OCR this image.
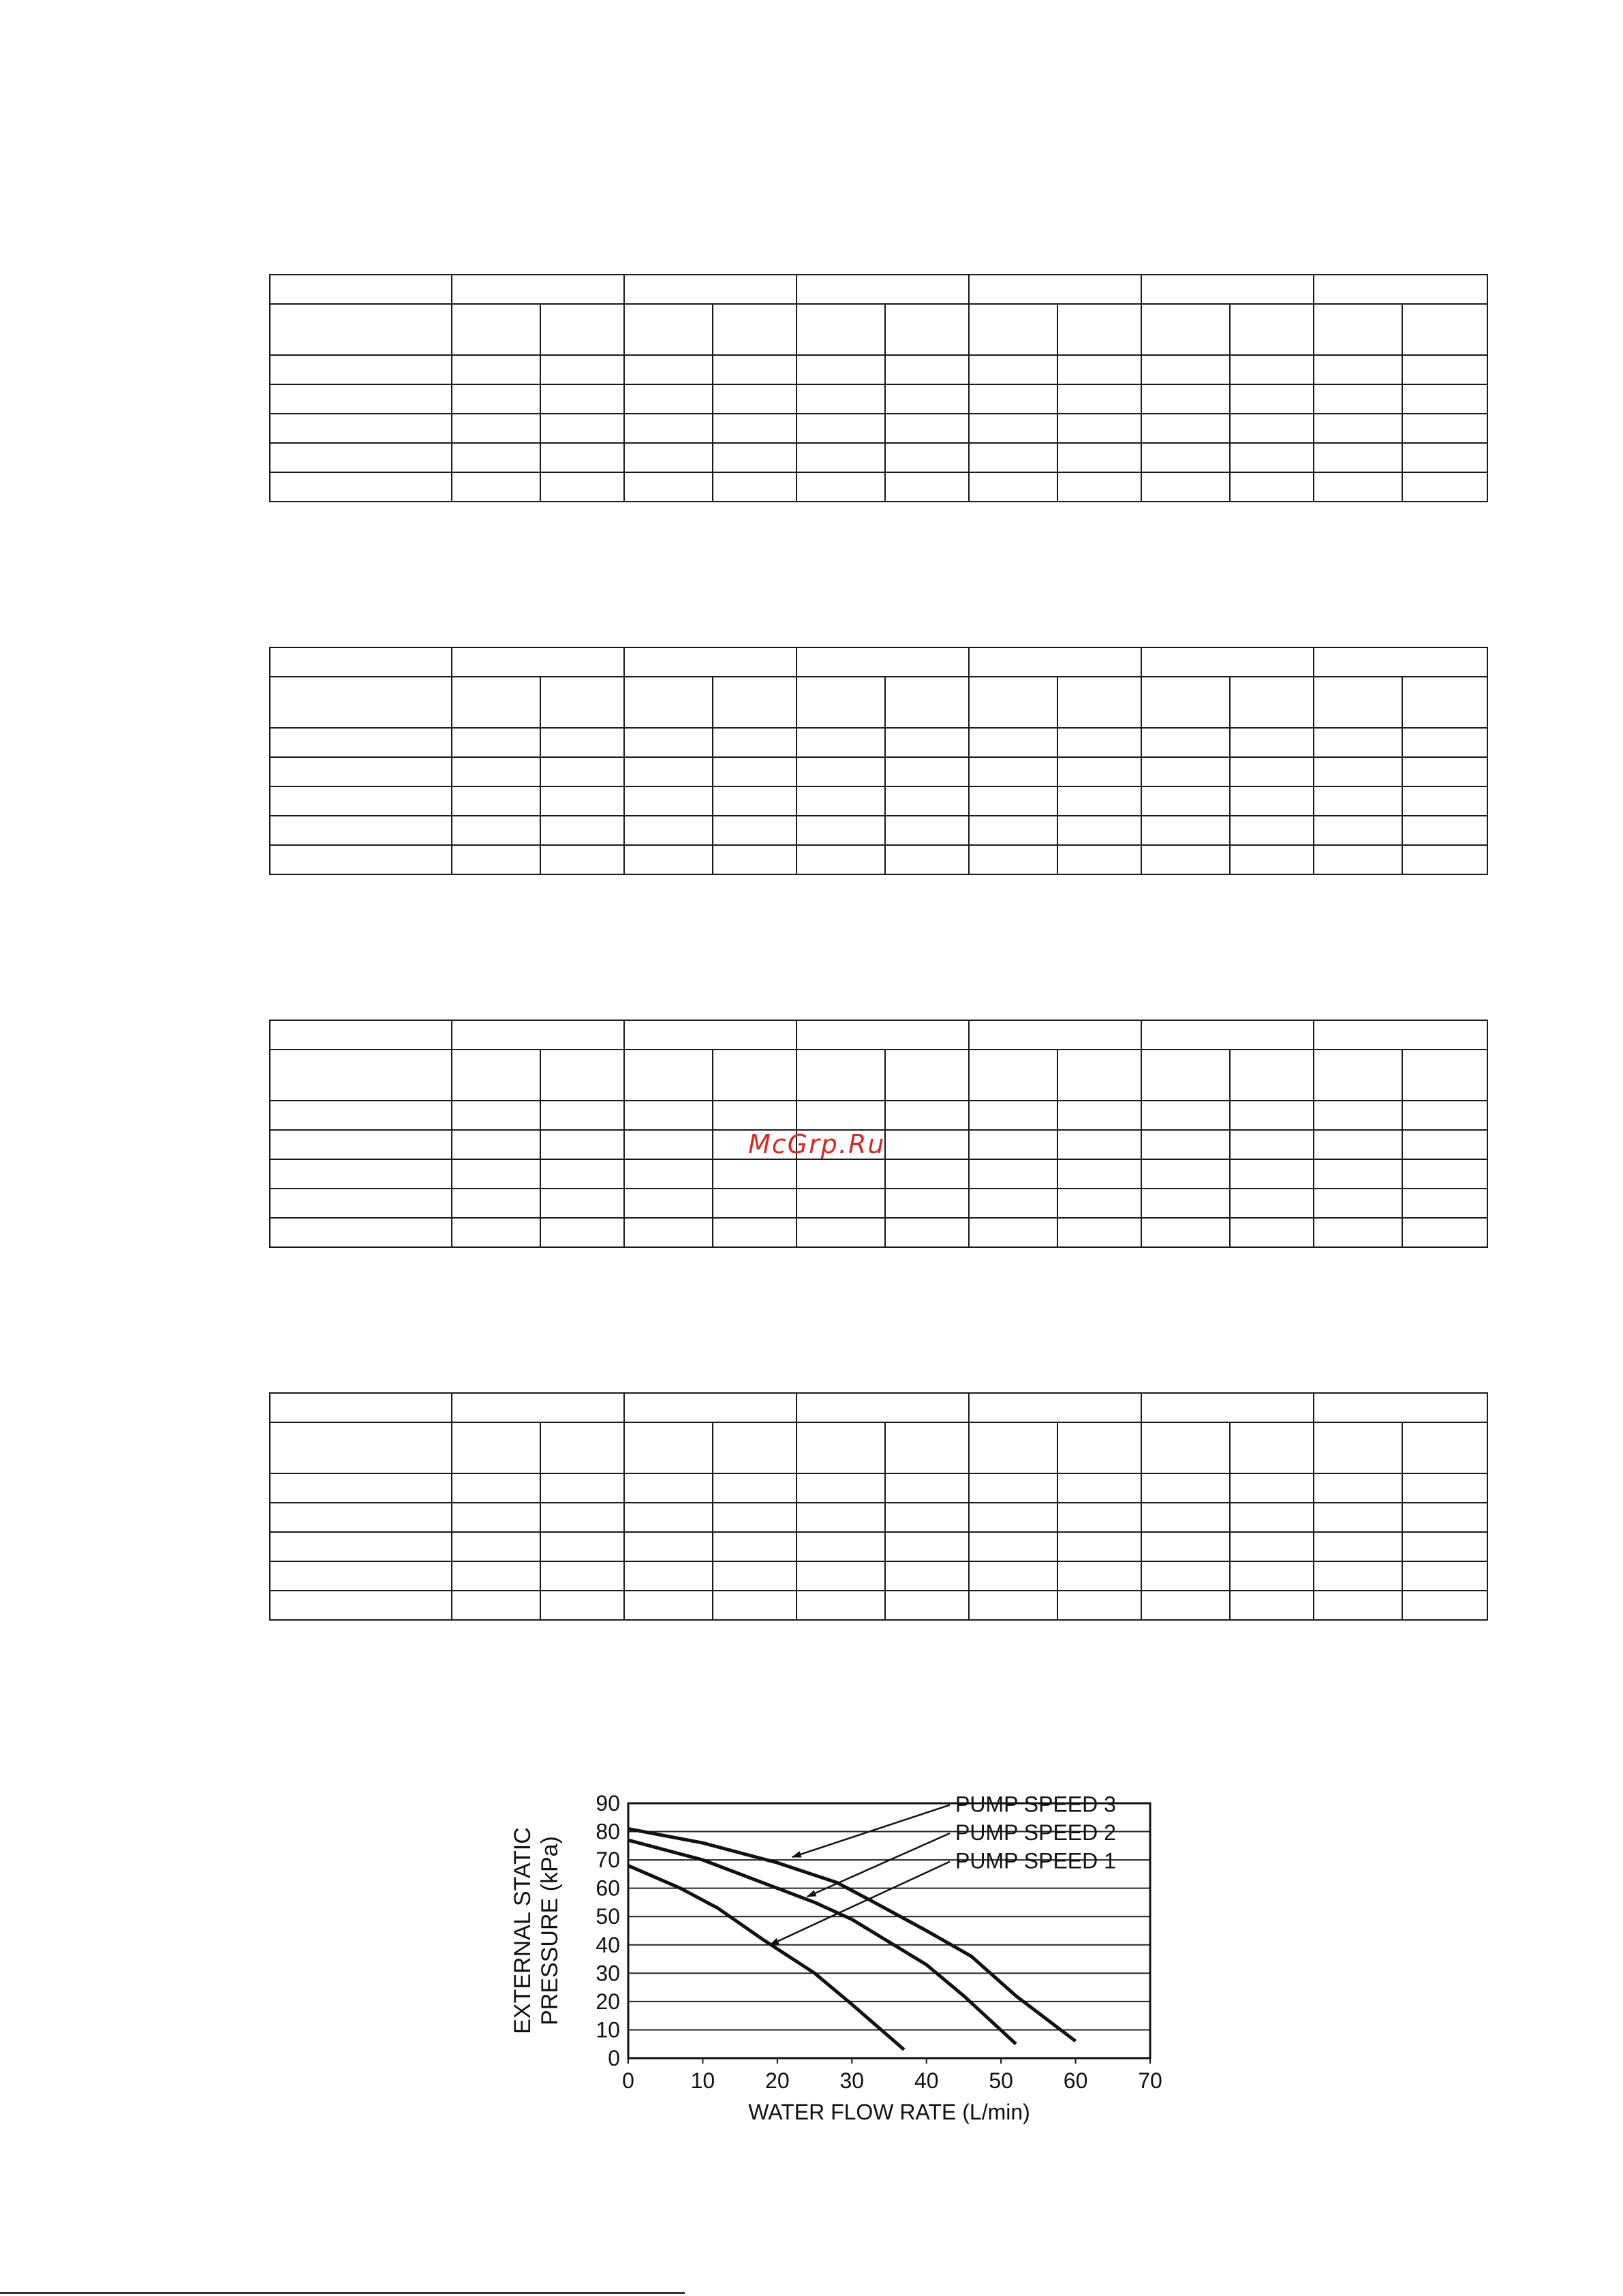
McGrp.Ru
0	10 20 30 40 50 60 70
0
10
20
30
40
50
60
70
80
90
WATER FLOW RATE (L/min)
EXTERNAL STATIC PRESSURE (kPa)
PUMP SPEED 3
PUMP SPEED 2
PUMP SPEED 1
